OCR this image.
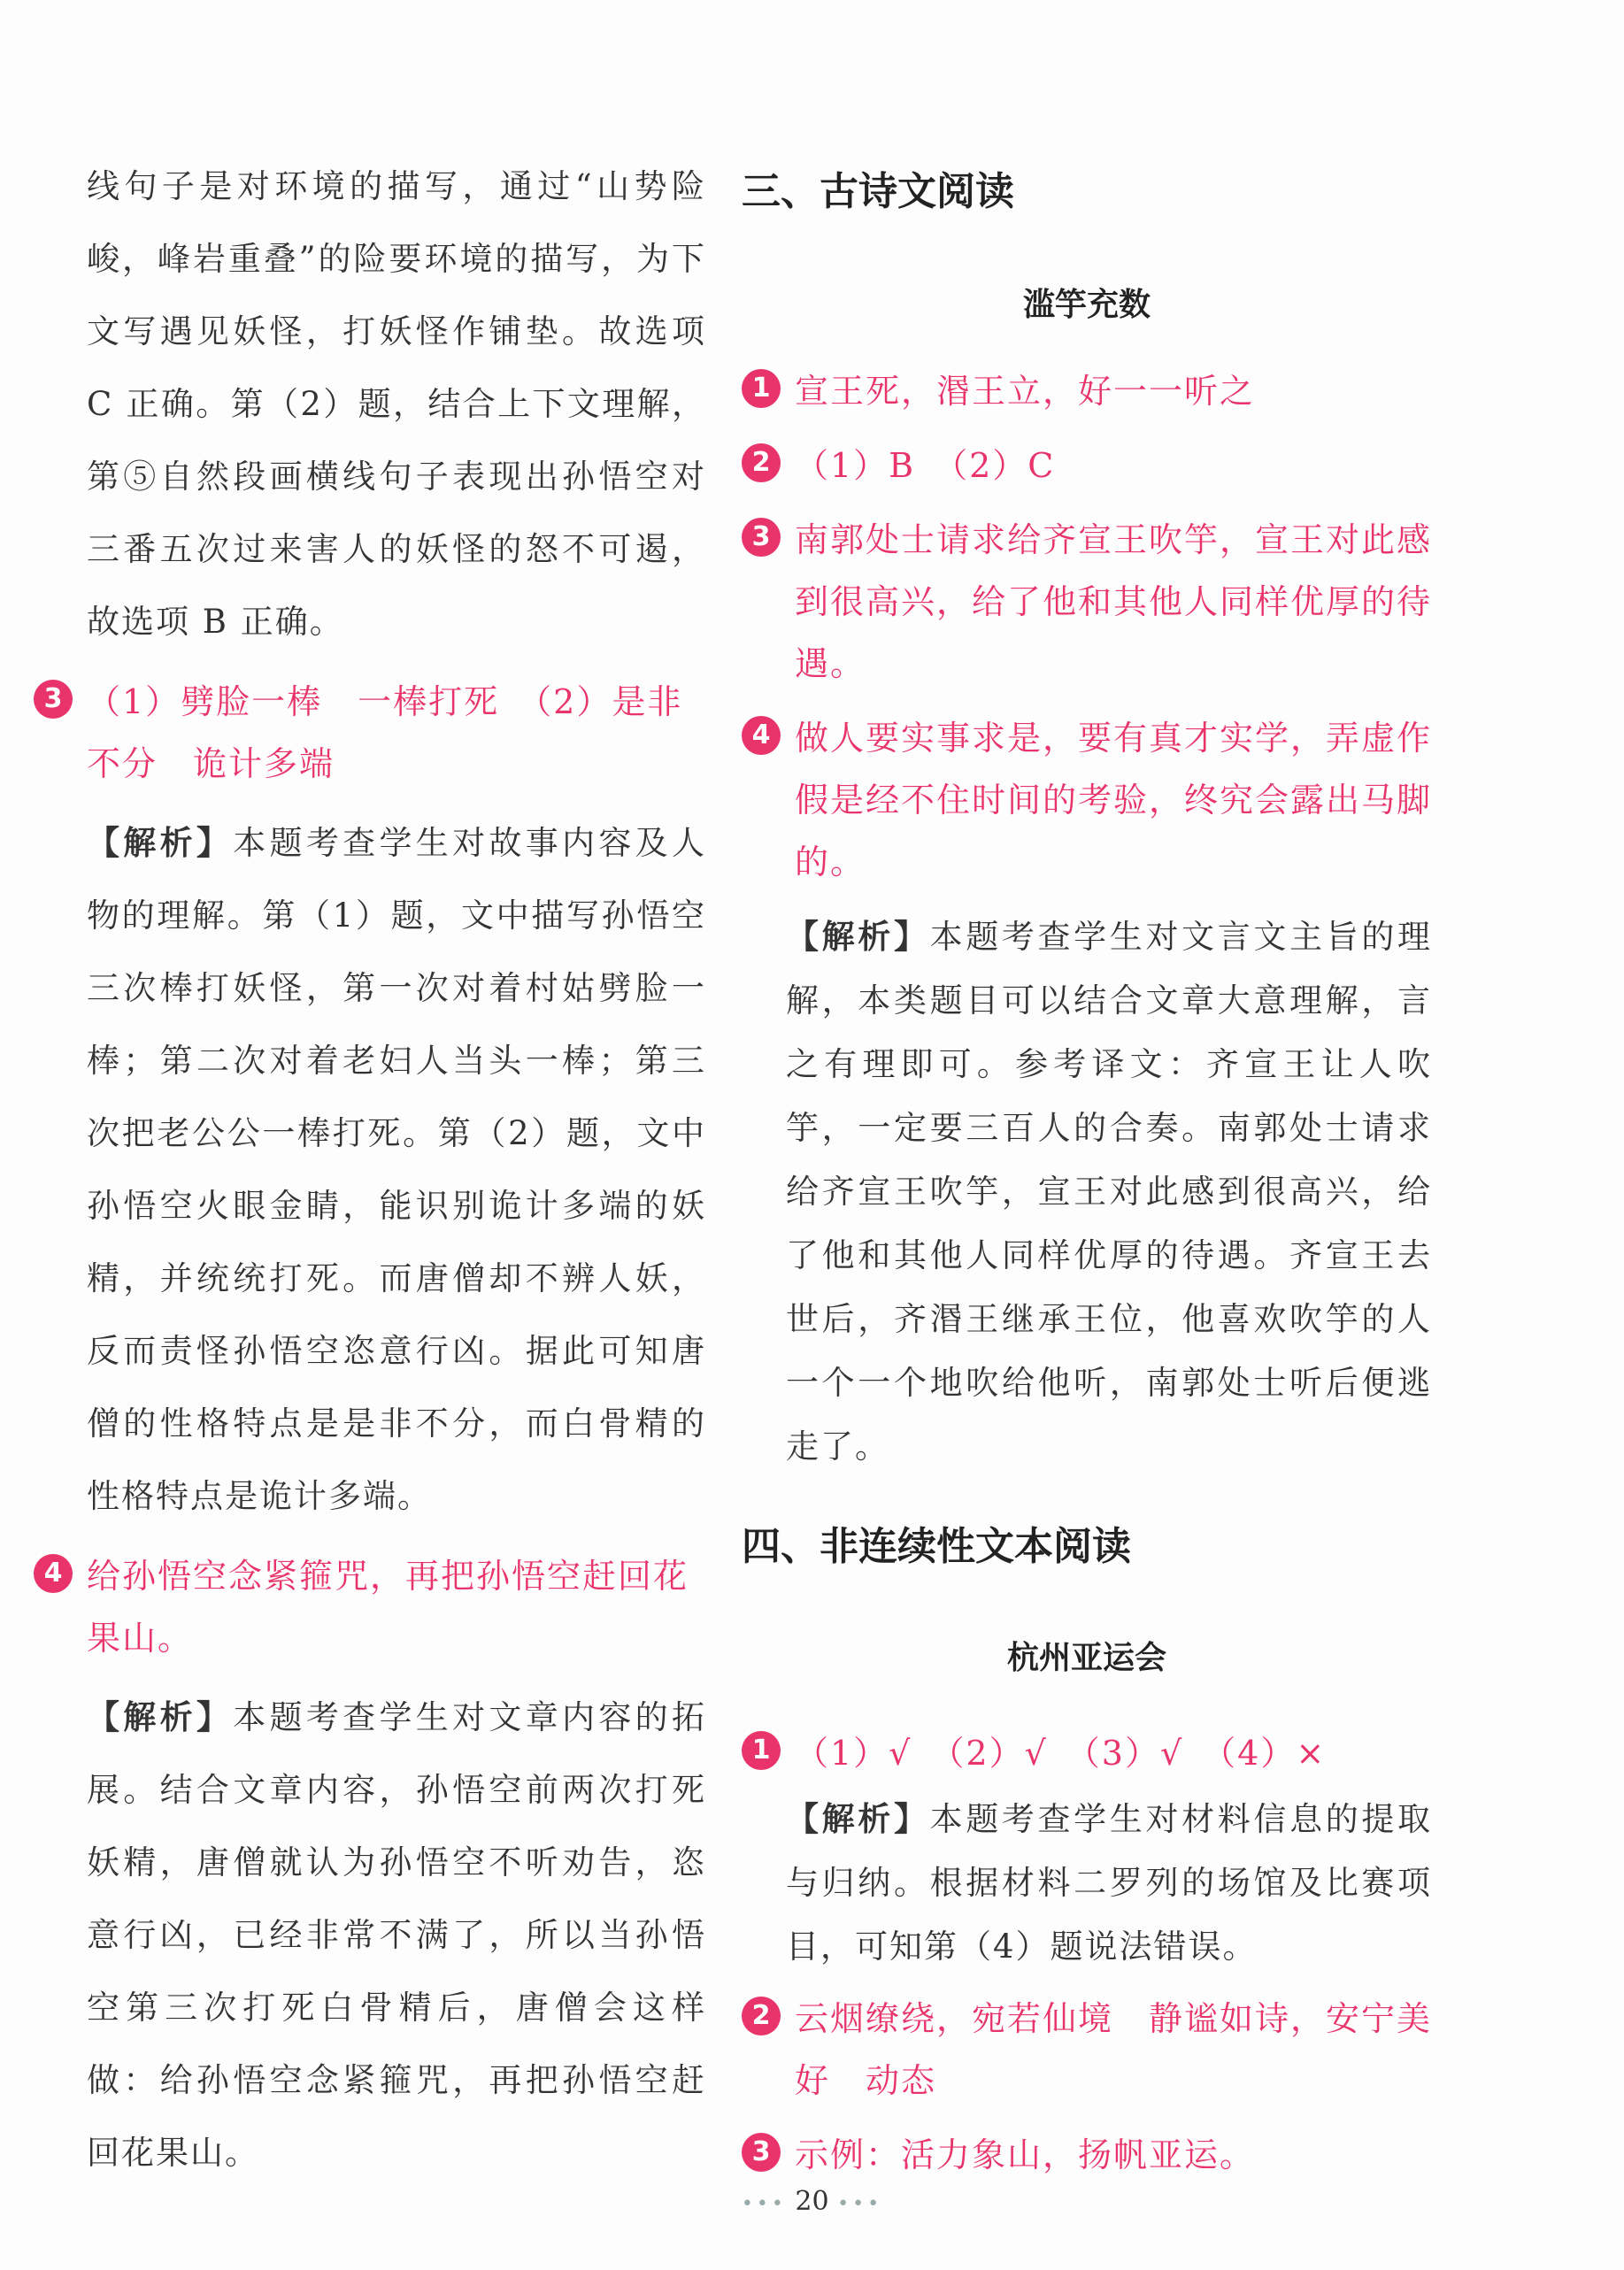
线句子是对环境的描写，通过“山势险峻，峰岩重叠”的险要环境的描写，为下文写遇见妖怪，打妖怪作铺垫。故选项 C 正确。第（2）题，结合上下文理解，第⑤自然段画横线句子表现出孙悟空对三番五次过来害人的妖怪的怒不可遏，故选项 B 正确。

3 （1）劈脸一棒　一棒打死　（2）是非不分　诡计多端

【解析】本题考查学生对故事内容及人物的理解。第（1）题，文中描写孙悟空三次棒打妖怪，第一次对着村姑劈脸一棒；第二次对着老妇人当头一棒；第三次把老公公一棒打死。第（2）题，文中孙悟空火眼金睛，能识别诡计多端的妖精，并统统打死。而唐僧却不辨人妖，反而责怪孙悟空恣意行凶。据此可知唐僧的性格特点是是非不分，而白骨精的性格特点是诡计多端。

4 给孙悟空念紧箍咒，再把孙悟空赶回花果山。

【解析】本题考查学生对文章内容的拓展。结合文章内容，孙悟空前两次打死妖精，唐僧就认为孙悟空不听劝告，恣意行凶，已经非常不满了，所以当孙悟空第三次打死白骨精后，唐僧会这样做：给孙悟空念紧箍咒，再把孙悟空赶回花果山。

三、古诗文阅读
滥竽充数
1 宣王死，湣王立，好一一听之

2 （1）B　（2）C

3 南郭处士请求给齐宣王吹竽，宣王对此感到很高兴，给了他和其他人同样优厚的待遇。

4 做人要实事求是，要有真才实学，弄虚作假是经不住时间的考验，终究会露出马脚的。

【解析】本题考查学生对文言文主旨的理解，本类题目可以结合文章大意理解，言之有理即可。参考译文：齐宣王让人吹竽，一定要三百人的合奏。南郭处士请求给齐宣王吹竽，宣王对此感到很高兴，给了他和其他人同样优厚的待遇。齐宣王去世后，齐湣王继承王位，他喜欢吹竽的人一个一个地吹给他听，南郭处士听后便逃走了。

四、非连续性文本阅读
杭州亚运会
1 （1）√　（2）√　（3）√　（4）×

【解析】本题考查学生对材料信息的提取与归纳。根据材料二罗列的场馆及比赛项目，可知第（4）题说法错误。

2 云烟缭绕，宛若仙境　静谧如诗，安宁美好　动态

3 示例：活力象山，扬帆亚运。

••• 20 •••
